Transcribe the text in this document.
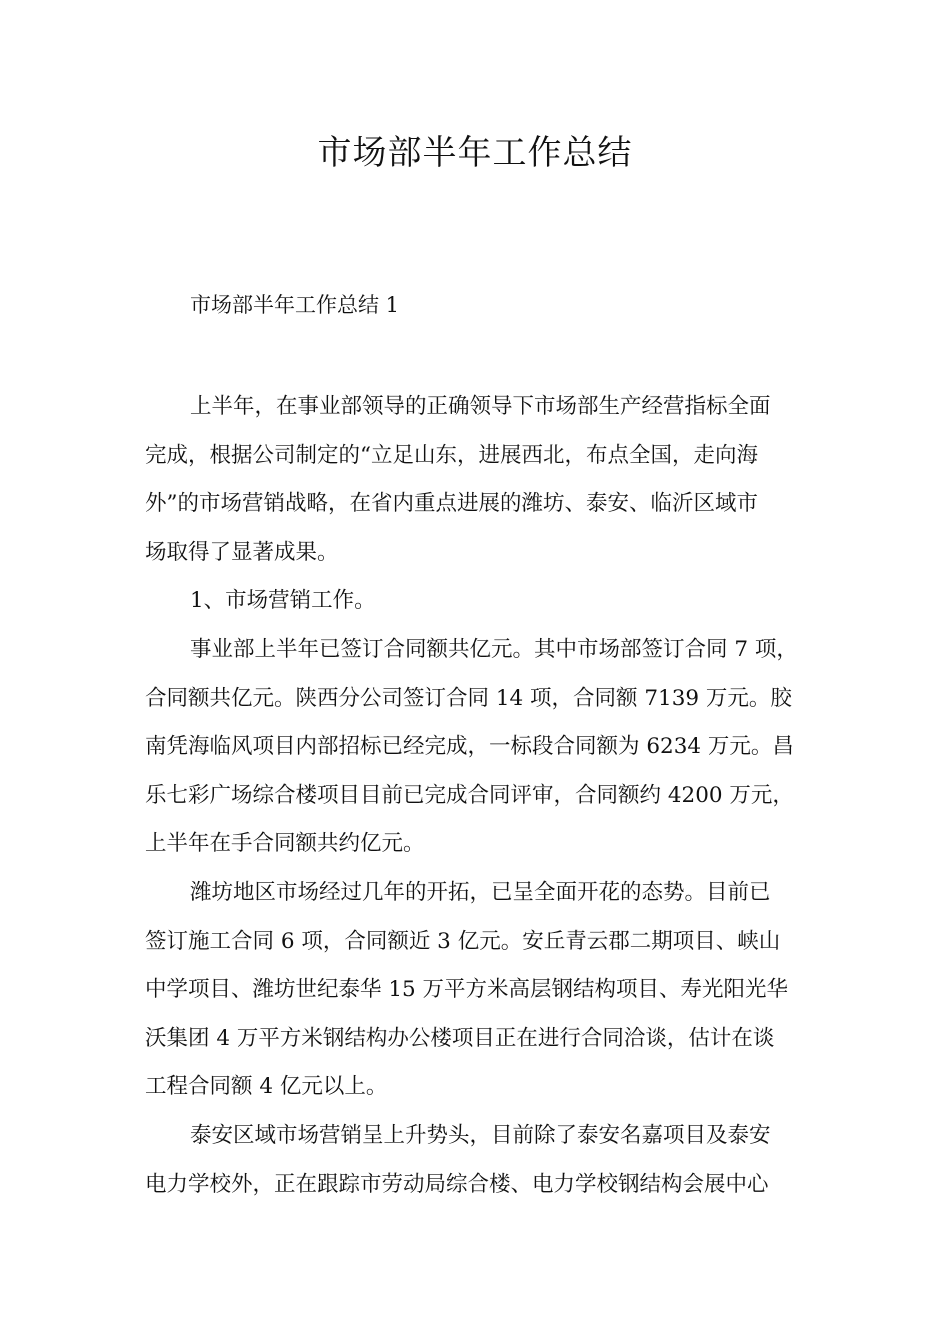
市场部半年工作总结

市场部半年工作总结 1

上半年，在事业部领导的正确领导下市场部生产经营指标全面
完成，根据公司制定的“立足山东，进展西北，布点全国，走向海
外”的市场营销战略，在省内重点进展的潍坊、泰安、临沂区域市
场取得了显著成果。

1、市场营销工作。

事业部上半年已签订合同额共亿元。其中市场部签订合同 7 项，
合同额共亿元。陕西分公司签订合同 14 项，合同额 7139 万元。胶
南凭海临风项目内部招标已经完成，一标段合同额为 6234 万元。昌
乐七彩广场综合楼项目目前已完成合同评审，合同额约 4200 万元，
上半年在手合同额共约亿元。

潍坊地区市场经过几年的开拓，已呈全面开花的态势。目前已
签订施工合同 6 项，合同额近 3 亿元。安丘青云郡二期项目、峡山
中学项目、潍坊世纪泰华 15 万平方米高层钢结构项目、寿光阳光华
沃集团 4 万平方米钢结构办公楼项目正在进行合同洽谈，估计在谈
工程合同额 4 亿元以上。

泰安区域市场营销呈上升势头，目前除了泰安名嘉项目及泰安
电力学校外，正在跟踪市劳动局综合楼、电力学校钢结构会展中心
